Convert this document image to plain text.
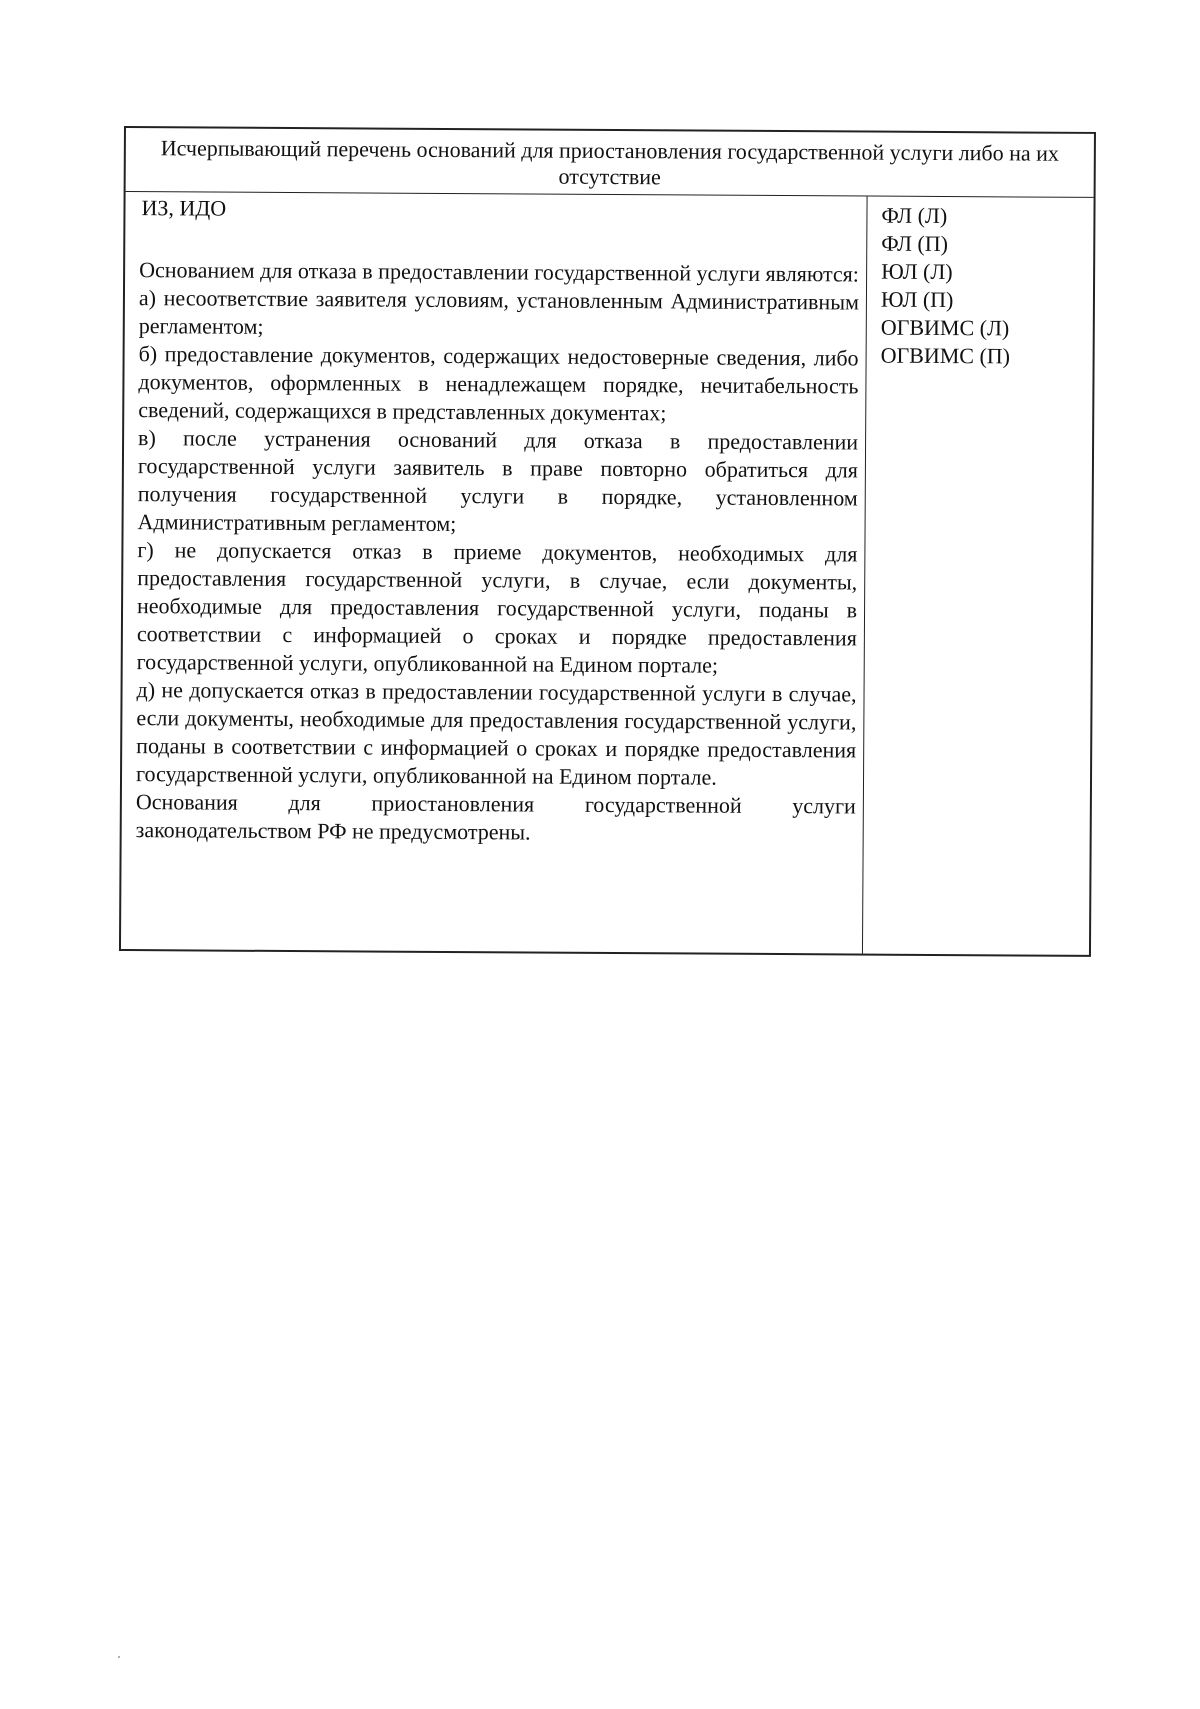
Исчерпывающий перечень оснований для приостановления государственной услуги либо на их отсутствие
ИЗ, ИДО

Основанием для отказа в предоставлении государственной услуги являются:

а) несоответствие заявителя условиям, установленным Административным регламентом;

б) предоставление документов, содержащих недостоверные сведения, либо документов, оформленных в ненадлежащем порядке, нечитабельность сведений, содержащихся в представленных документах;

в) после устранения оснований для отказа в предоставлении государственной услуги заявитель в праве повторно обратиться для получения государственной услуги в порядке, установленном Административным регламентом;

г) не допускается отказ в приеме документов, необходимых для предоставления государственной услуги, в случае, если документы, необходимые для предоставления государственной услуги, поданы в соответствии с информацией о сроках и порядке предоставления государственной услуги, опубликованной на Едином портале;

д) не допускается отказ в предоставлении государственной услуги в случае, если документы, необходимые для предоставления государственной услуги, поданы в соответствии с информацией о сроках и порядке предоставления государственной услуги, опубликованной на Едином портале.

Основания для приостановления государственной услуги законодательством РФ не предусмотрены.

ФЛ (Л)
ФЛ (П)
ЮЛ (Л)
ЮЛ (П)
ОГВИМС (Л)
ОГВИМС (П)
